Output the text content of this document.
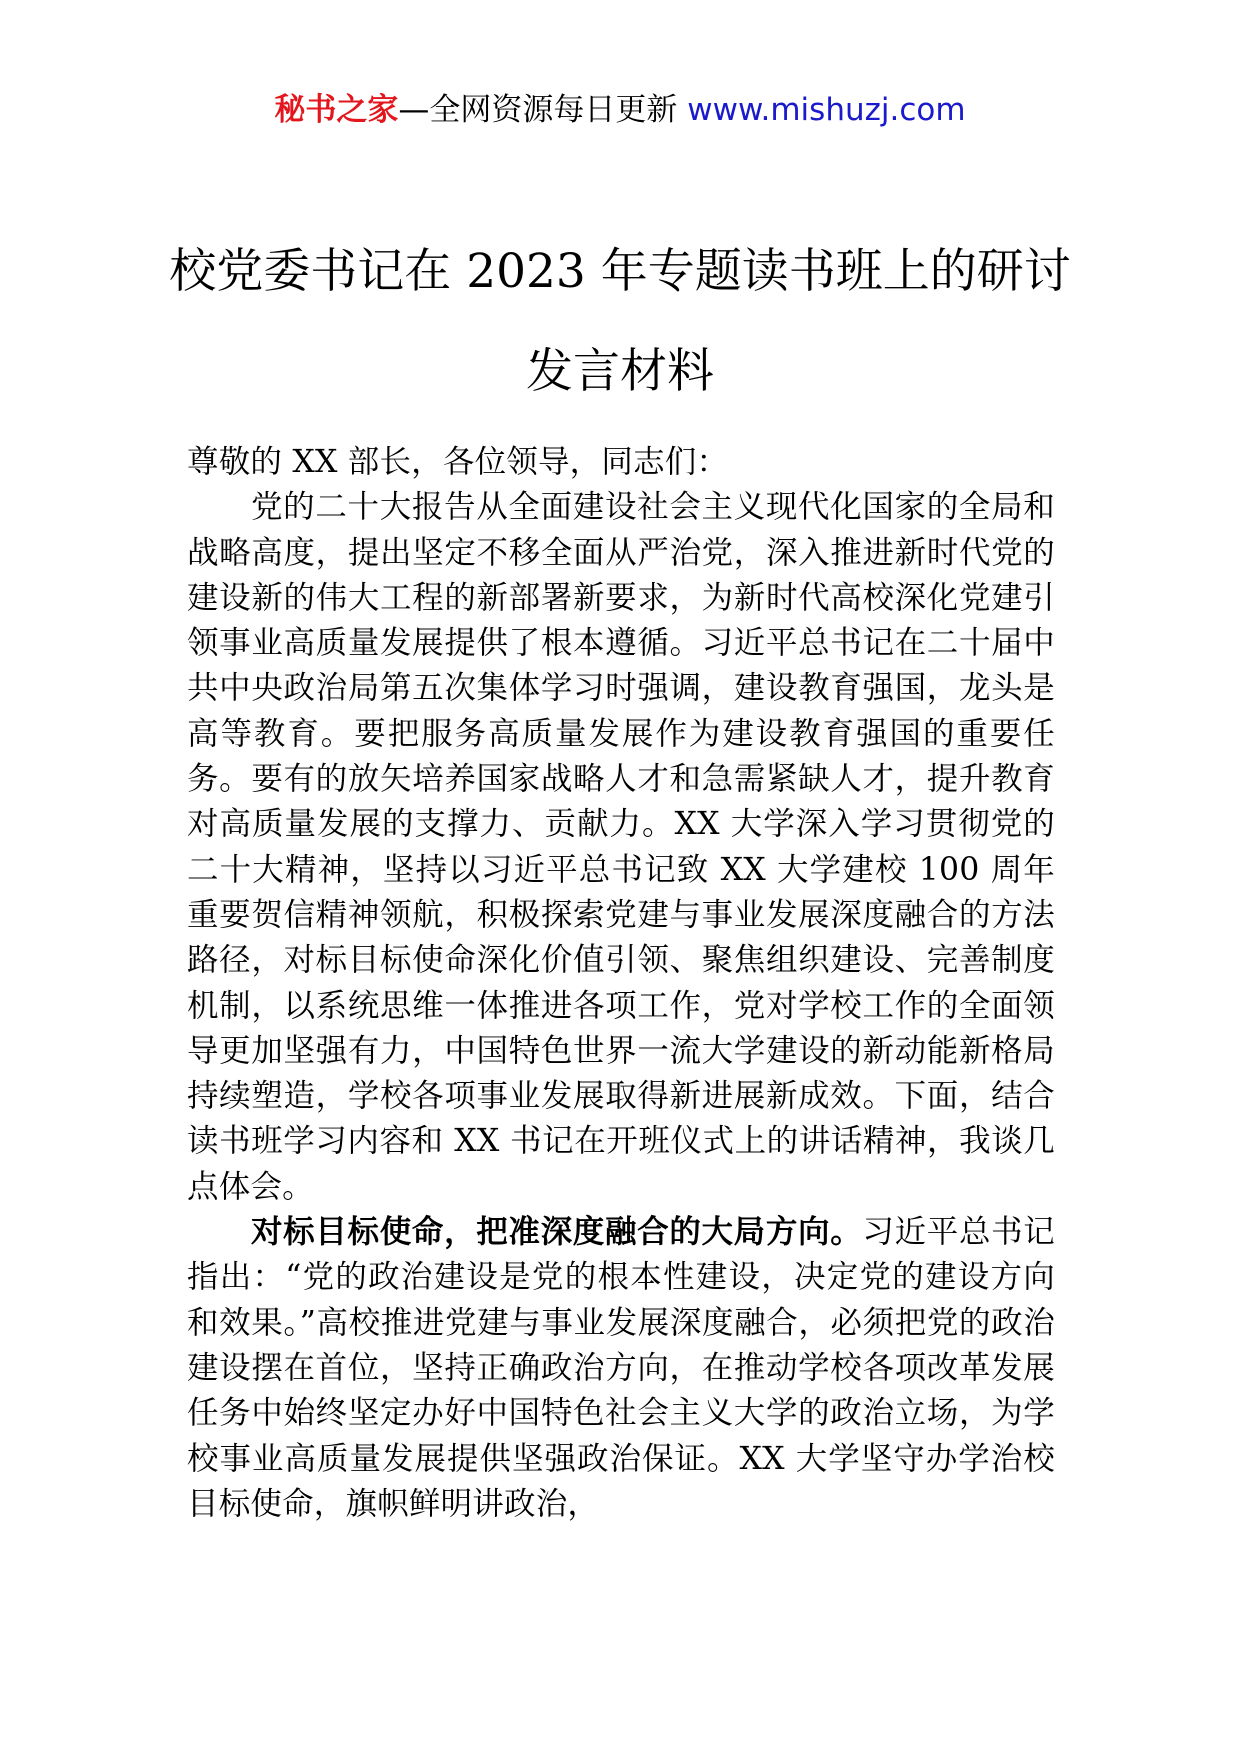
秘书之家—全网资源每日更新 www.mishuzj.com
校党委书记在 2023 年专题读书班上的研讨
发言材料

尊敬的 XX 部长，各位领导，同志们：

党的二十大报告从全面建设社会主义现代化国家的全局和战略高度，提出坚定不移全面从严治党，深入推进新时代党的建设新的伟大工程的新部署新要求，为新时代高校深化党建引领事业高质量发展提供了根本遵循。习近平总书记在二十届中共中央政治局第五次集体学习时强调，建设教育强国，龙头是高等教育。要把服务高质量发展作为建设教育强国的重要任务。要有的放矢培养国家战略人才和急需紧缺人才，提升教育对高质量发展的支撑力、贡献力。XX 大学深入学习贯彻党的二十大精神，坚持以习近平总书记致 XX 大学建校 100 周年重要贺信精神领航，积极探索党建与事业发展深度融合的方法路径，对标目标使命深化价值引领、聚焦组织建设、完善制度机制，以系统思维一体推进各项工作，党对学校工作的全面领导更加坚强有力，中国特色世界一流大学建设的新动能新格局持续塑造，学校各项事业发展取得新进展新成效。下面，结合读书班学习内容和 XX 书记在开班仪式上的讲话精神，我谈几点体会。

对标目标使命，把准深度融合的大局方向。习近平总书记指出：“党的政治建设是党的根本性建设，决定党的建设方向和效果。”高校推进党建与事业发展深度融合，必须把党的政治建设摆在首位，坚持正确政治方向，在推动学校各项改革发展任务中始终坚定办好中国特色社会主义大学的政治立场，为学校事业高质量发展提供坚强政治保证。XX 大学坚守办学治校目标使命，旗帜鲜明讲政治，
